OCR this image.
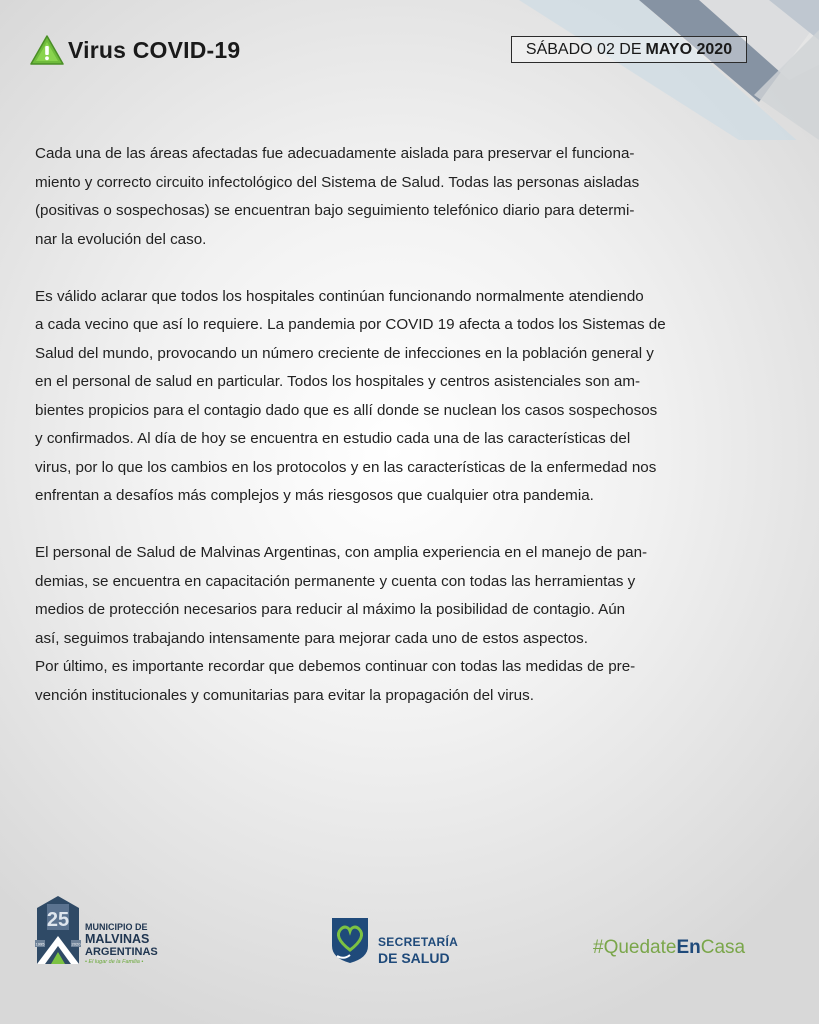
Virus COVID-19	SÁBADO 02 DE MAYO 2020

Cada una de las áreas afectadas fue adecuadamente aislada para preservar el funciona-
miento y correcto circuito infectológico del Sistema de Salud. Todas las personas aisladas
(positivas o sospechosas) se encuentran bajo seguimiento telefónico diario para determi-
nar la evolución del caso.

Es válido aclarar que todos los hospitales continúan funcionando normalmente atendiendo
a cada vecino que así lo requiere. La pandemia por COVID 19 afecta a todos los Sistemas de
Salud del mundo, provocando un número creciente de infecciones en la población general y
en el personal de salud en particular. Todos los hospitales y centros asistenciales son am-
bientes propicios para el contagio dado que es allí donde se nuclean los casos sospechosos
y confirmados. Al día de hoy se encuentra en estudio cada una de las características del
virus, por lo que los cambios en los protocolos y en las características de la enfermedad nos
enfrentan a desafíos más complejos y más riesgosos que cualquier otra pandemia.

El personal de Salud de Malvinas Argentinas, con amplia experiencia en el manejo de pan-
demias, se encuentra en capacitación permanente y cuenta con todas las herramientas y
medios de protección necesarios para reducir al máximo la posibilidad de contagio. Aún
así, seguimos trabajando intensamente para mejorar cada uno de estos aspectos.

Por último, es importante recordar que debemos continuar con todas las medidas de pre-
vención institucionales y comunitarias para evitar la propagación del virus.

25
1995	2020
MUNICIPIO DE
MALVINAS
ARGENTINAS
• El lugar de la Familia •
SECRETARÍA
DE SALUD	#QuedateEnCasa
